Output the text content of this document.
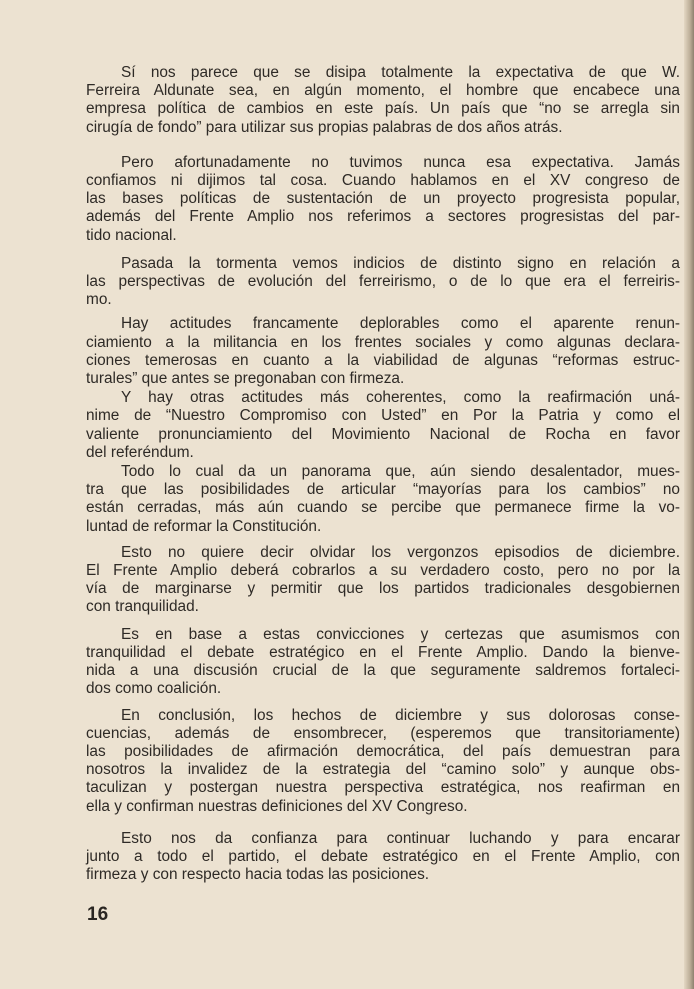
Sí nos parece que se disipa totalmente la expectativa de que W.
Ferreira Aldunate sea, en algún momento, el hombre que encabece una
empresa política de cambios en este país. Un país que “no se arregla sin
cirugía de fondo” para utilizar sus propias palabras de dos años atrás.
Pero afortunadamente no tuvimos nunca esa expectativa. Jamás
confiamos ni dijimos tal cosa. Cuando hablamos en el XV congreso de
las bases políticas de sustentación de un proyecto progresista popular,
además del Frente Amplio nos referimos a sectores progresistas del par-
tido nacional.
Pasada la tormenta vemos indicios de distinto signo en relación a
las perspectivas de evolución del ferreirismo, o de lo que era el ferreiris-
mo.
Hay actitudes francamente deplorables como el aparente renun-
ciamiento a la militancia en los frentes sociales y como algunas declara-
ciones temerosas en cuanto a la viabilidad de algunas “reformas estruc-
turales” que antes se pregonaban con firmeza.
Y hay otras actitudes más coherentes, como la reafirmación uná-
nime de “Nuestro Compromiso con Usted” en Por la Patria y como el
valiente pronunciamiento del Movimiento Nacional de Rocha en favor
del referéndum.
Todo lo cual da un panorama que, aún siendo desalentador, mues-
tra que las posibilidades de articular “mayorías para los cambios” no
están cerradas, más aún cuando se percibe que permanece firme la vo-
luntad de reformar la Constitución.
Esto no quiere decir olvidar los vergonzos episodios de diciembre.
El Frente Amplio deberá cobrarlos a su verdadero costo, pero no por la
vía de marginarse y permitir que los partidos tradicionales desgobiernen
con tranquilidad.
Es en base a estas convicciones y certezas que asumismos con
tranquilidad el debate estratégico en el Frente Amplio. Dando la bienve-
nida a una discusión crucial de la que seguramente saldremos fortaleci-
dos como coalición.
En conclusión, los hechos de diciembre y sus dolorosas conse-
cuencias, además de ensombrecer, (esperemos que transitoriamente)
las posibilidades de afirmación democrática, del país demuestran para
nosotros la invalidez de la estrategia del “camino solo” y aunque obs-
taculizan y postergan nuestra perspectiva estratégica, nos reafirman en
ella y confirman nuestras definiciones del XV Congreso.
Esto nos da confianza para continuar luchando y para encarar
junto a todo el partido, el debate estratégico en el Frente Amplio, con
firmeza y con respecto hacia todas las posiciones.
16
